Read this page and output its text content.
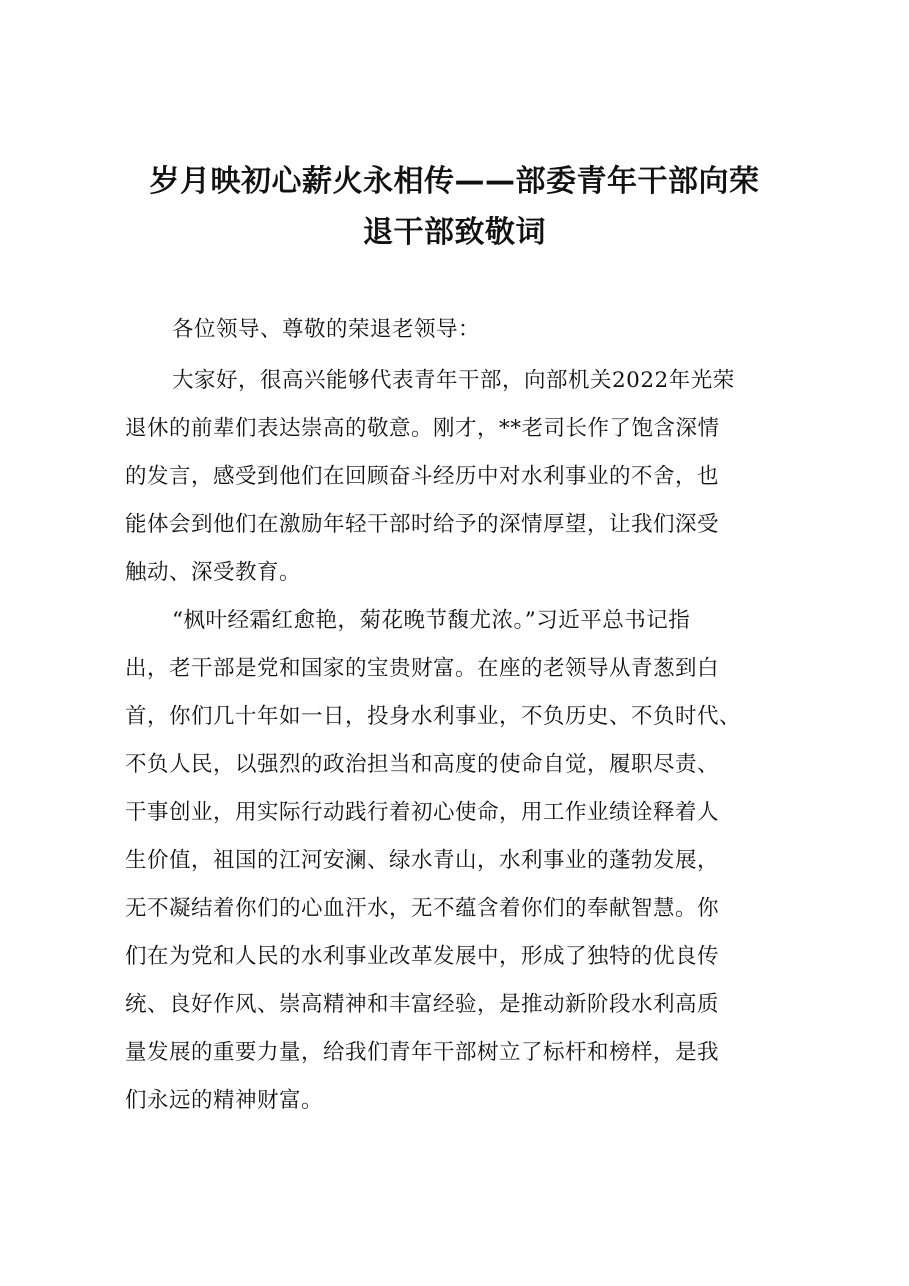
岁月映初心薪火永相传——部委青年干部向荣
退干部致敬词
各位领导、尊敬的荣退老领导：
大家好，很高兴能够代表青年干部，向部机关2022年光荣
退休的前辈们表达崇高的敬意。刚才，**老司长作了饱含深情
的发言，感受到他们在回顾奋斗经历中对水利事业的不舍，也
能体会到他们在激励年轻干部时给予的深情厚望，让我们深受
触动、深受教育。
“枫叶经霜红愈艳，菊花晚节馥尤浓。”习近平总书记指
出，老干部是党和国家的宝贵财富。在座的老领导从青葱到白
首，你们几十年如一日，投身水利事业，不负历史、不负时代、
不负人民，以强烈的政治担当和高度的使命自觉，履职尽责、
干事创业，用实际行动践行着初心使命，用工作业绩诠释着人
生价值，祖国的江河安澜、绿水青山，水利事业的蓬勃发展，
无不凝结着你们的心血汗水，无不蕴含着你们的奉献智慧。你
们在为党和人民的水利事业改革发展中，形成了独特的优良传
统、良好作风、崇高精神和丰富经验，是推动新阶段水利高质
量发展的重要力量，给我们青年干部树立了标杆和榜样，是我
们永远的精神财富。
